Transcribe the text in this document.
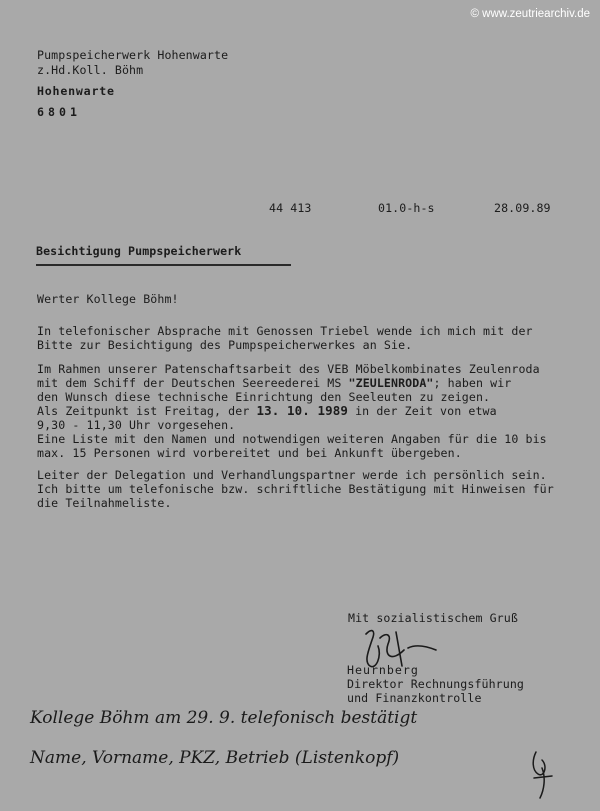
© www.zeutriearchiv.de
Pumpspeicherwerk Hohenwarte
z.Hd.Koll. Böhm
Hohenwarte
6801
44 413	01.0-h-s	28.09.89
Besichtigung Pumpspeicherwerk
Werter Kollege Böhm!
In telefonischer Absprache mit Genossen Triebel wende ich mich mit der
Bitte zur Besichtigung des Pumpspeicherwerkes an Sie.
Im Rahmen unserer Patenschaftsarbeit des VEB Möbelkombinates Zeulenroda
mit dem Schiff der Deutschen Seereederei MS "ZEULENRODA"; haben wir
den Wunsch diese technische Einrichtung den Seeleuten zu zeigen.
Als Zeitpunkt ist Freitag, der 13. 10. 1989 in der Zeit von etwa
9,30 - 11,30 Uhr vorgesehen.
Eine Liste mit den Namen und notwendigen weiteren Angaben für die 10 bis
max. 15 Personen wird vorbereitet und bei Ankunft übergeben.
Leiter der Delegation und Verhandlungspartner werde ich persönlich sein.
Ich bitte um telefonische bzw. schriftliche Bestätigung mit Hinweisen für
die Teilnahmeliste.
Mit sozialistischem Gruß
Heurnberg
Direktor Rechnungsführung
und Finanzkontrolle
Kollege Böhm am 29. 9. telefonisch bestätigt
Name, Vorname, PKZ, Betrieb (Listenkopf)
